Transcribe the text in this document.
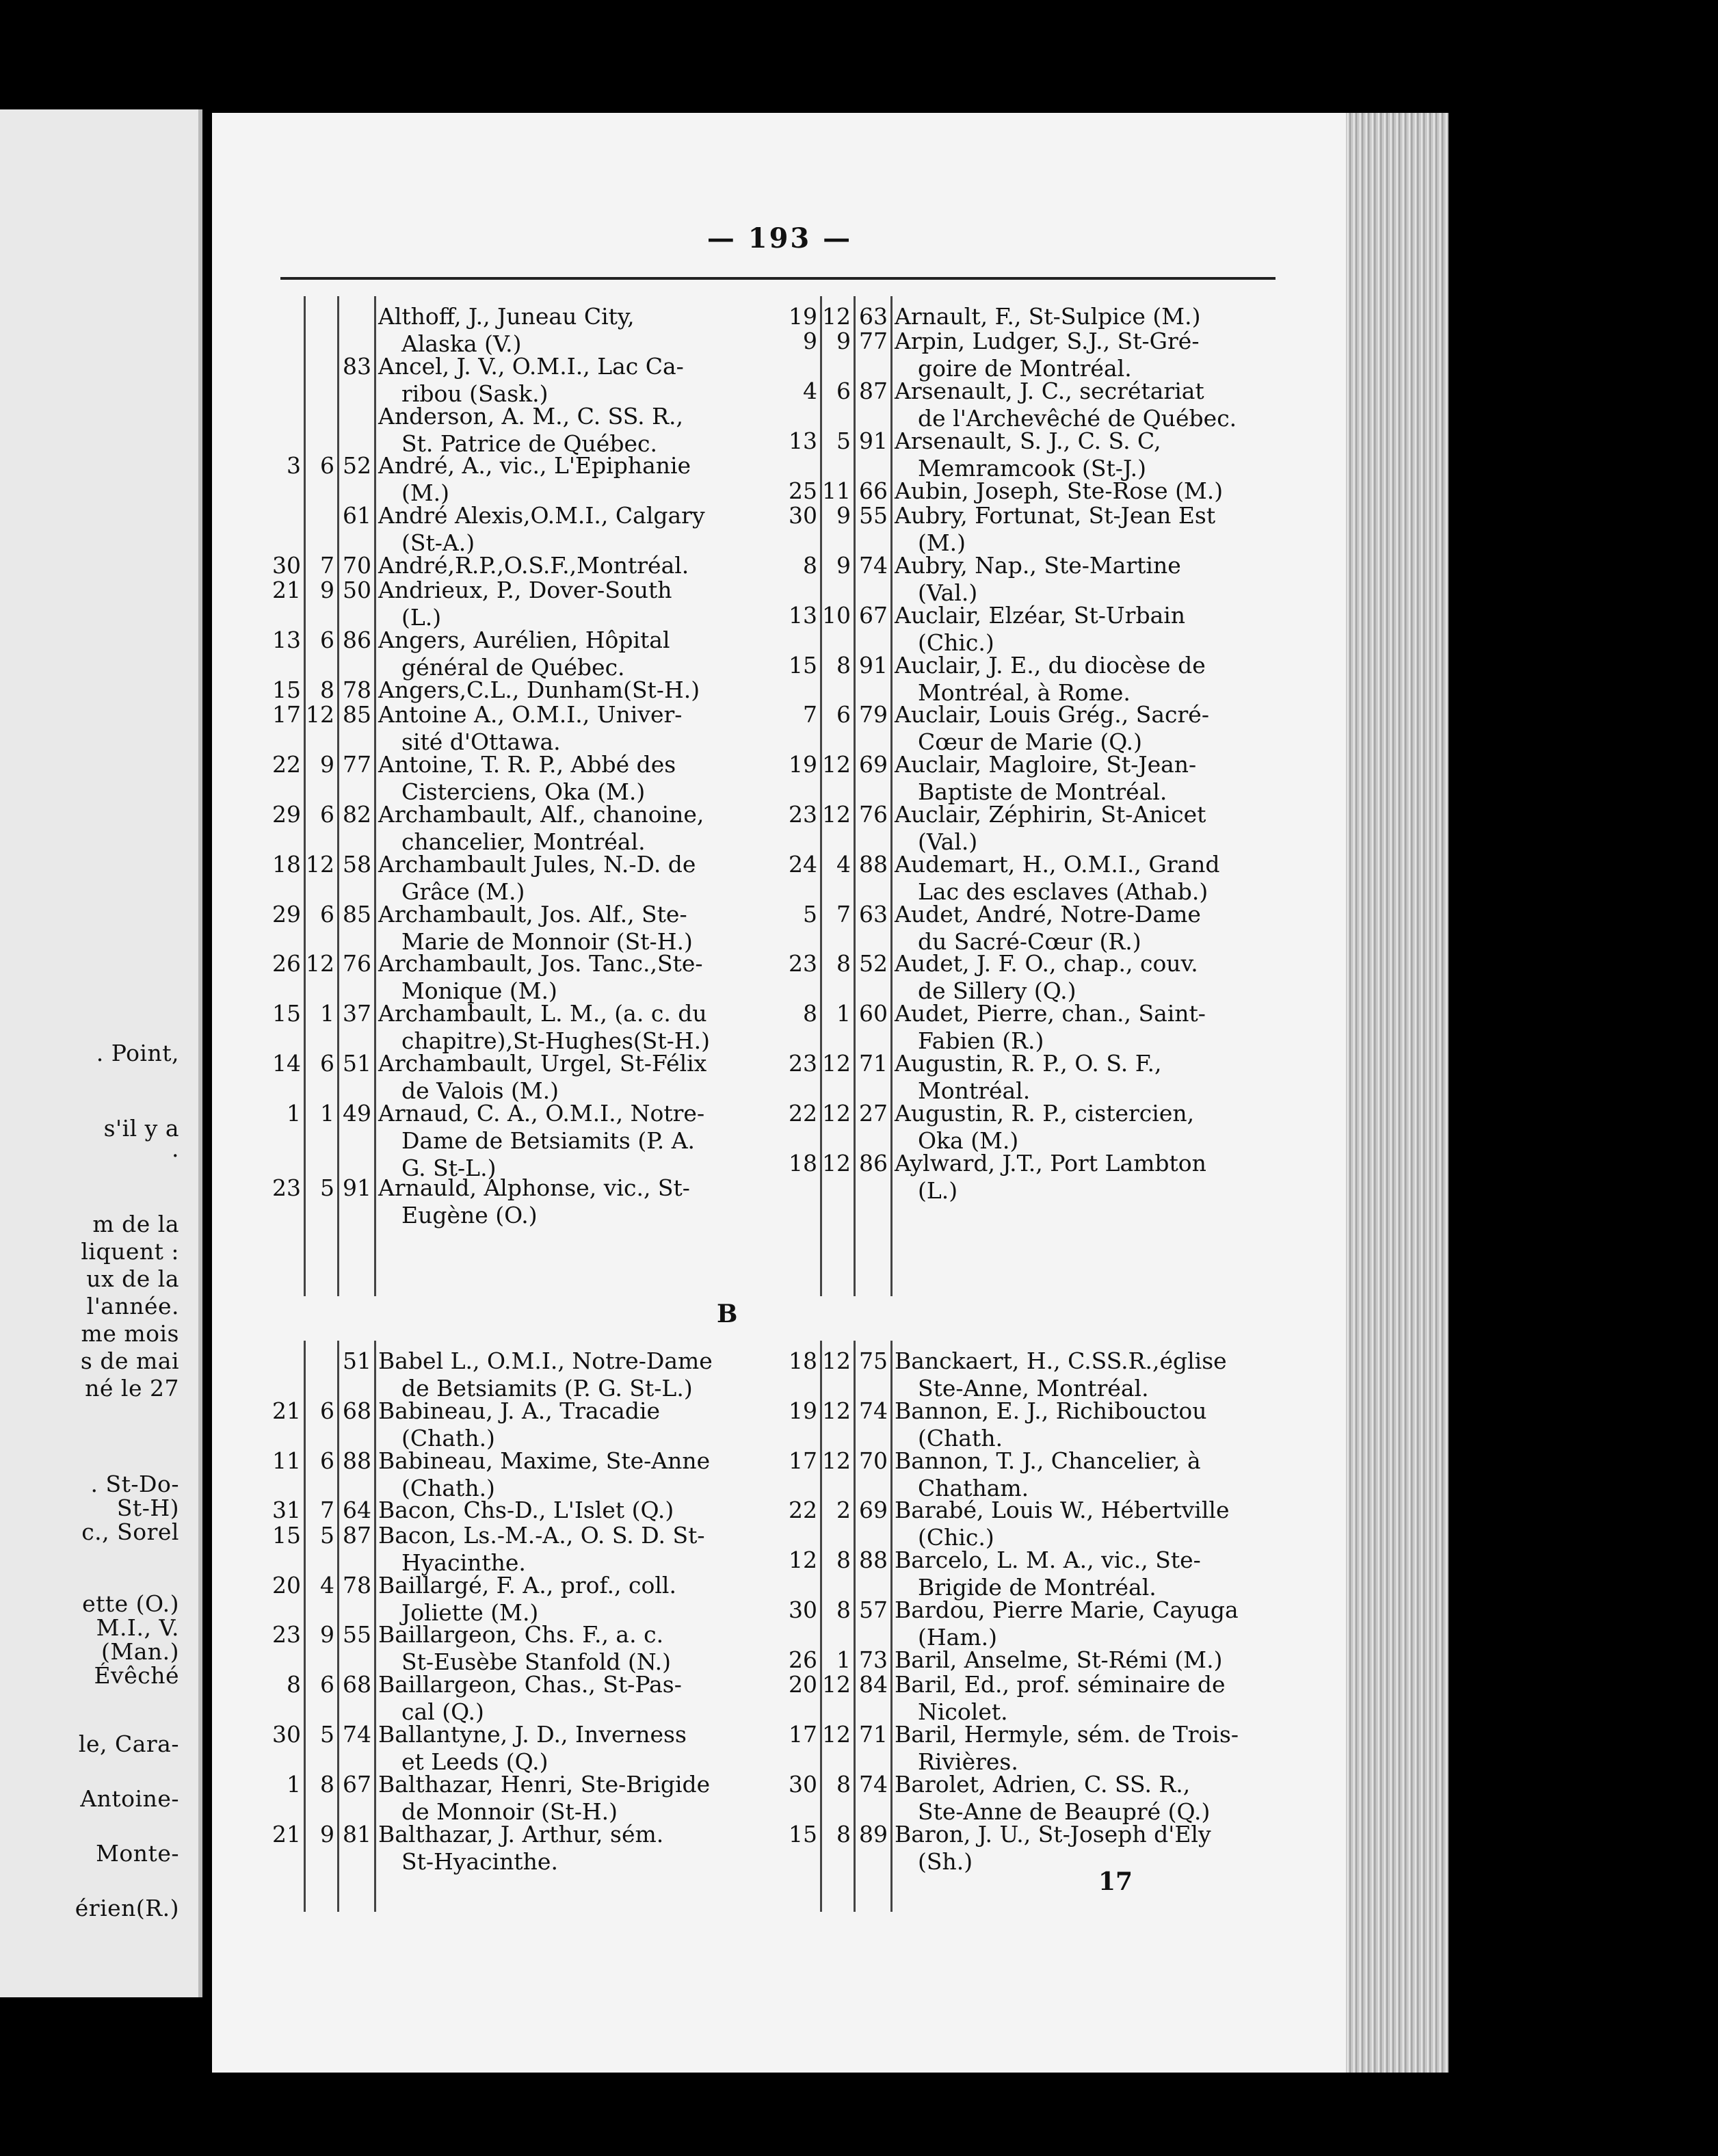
. Point,
s'il y a
.
m de la
liquent :
ux de la
l'année.
me mois
s de mai
né le 27
. St-Do-
St-H)
c., Sorel
ette (O.)
M.I., V.
(Man.)
Évêché
le, Cara-
Antoine-
Monte-
érien(R.)
— 193 —
B
17
Althoff, J., Juneau City,
Alaska (V.)
83 Ancel, J. V., O.M.I., Lac Ca-
ribou (Sask.)
Anderson, A. M., C. SS. R.,
St. Patrice de Québec.
3 6 52 André, A., vic., L'Epiphanie
(M.)
61 André Alexis,O.M.I., Calgary
(St-A.)
30 7 70 André,R.P.,O.S.F.,Montréal.
21 9 50 Andrieux, P., Dover-South
(L.)
13 6 86 Angers, Aurélien, Hôpital
général de Québec.
15 8 78 Angers,C.L., Dunham(St-H.)
17 12 85 Antoine A., O.M.I., Univer-
sité d'Ottawa.
22 9 77 Antoine, T. R. P., Abbé des
Cisterciens, Oka (M.)
29 6 82 Archambault, Alf., chanoine,
chancelier, Montréal.
18 12 58 Archambault Jules, N.-D. de
Grâce (M.)
29 6 85 Archambault, Jos. Alf., Ste-
Marie de Monnoir (St-H.)
26 12 76 Archambault, Jos. Tanc.,Ste-
Monique (M.)
15 1 37 Archambault, L. M., (a. c. du
chapitre),St-Hughes(St-H.)
14 6 51 Archambault, Urgel, St-Félix
de Valois (M.)
1 1 49 Arnaud, C. A., O.M.I., Notre-
Dame de Betsiamits (P. A.
G. St-L.)
23 5 91 Arnauld, Alphonse, vic., St-
Eugène (O.)
19 12 63 Arnault, F., St-Sulpice (M.)
9 9 77 Arpin, Ludger, S.J., St-Gré-
goire de Montréal.
4 6 87 Arsenault, J. C., secrétariat
de l'Archevêché de Québec.
13 5 91 Arsenault, S. J., C. S. C,
Memramcook (St-J.)
25 11 66 Aubin, Joseph, Ste-Rose (M.)
30 9 55 Aubry, Fortunat, St-Jean Est
(M.)
8 9 74 Aubry, Nap., Ste-Martine
(Val.)
13 10 67 Auclair, Elzéar, St-Urbain
(Chic.)
15 8 91 Auclair, J. E., du diocèse de
Montréal, à Rome.
7 6 79 Auclair, Louis Grég., Sacré-
Cœur de Marie (Q.)
19 12 69 Auclair, Magloire, St-Jean-
Baptiste de Montréal.
23 12 76 Auclair, Zéphirin, St-Anicet
(Val.)
24 4 88 Audemart, H., O.M.I., Grand
Lac des esclaves (Athab.)
5 7 63 Audet, André, Notre-Dame
du Sacré-Cœur (R.)
23 8 52 Audet, J. F. O., chap., couv.
de Sillery (Q.)
8 1 60 Audet, Pierre, chan., Saint-
Fabien (R.)
23 12 71 Augustin, R. P., O. S. F.,
Montréal.
22 12 27 Augustin, R. P., cistercien,
Oka (M.)
18 12 86 Aylward, J.T., Port Lambton
(L.)
51 Babel L., O.M.I., Notre-Dame
de Betsiamits (P. G. St-L.)
21 6 68 Babineau, J. A., Tracadie
(Chath.)
11 6 88 Babineau, Maxime, Ste-Anne
(Chath.)
31 7 64 Bacon, Chs-D., L'Islet (Q.)
15 5 87 Bacon, Ls.-M.-A., O. S. D. St-
Hyacinthe.
20 4 78 Baillargé, F. A., prof., coll.
Joliette (M.)
23 9 55 Baillargeon, Chs. F., a. c.
St-Eusèbe Stanfold (N.)
8 6 68 Baillargeon, Chas., St-Pas-
cal (Q.)
30 5 74 Ballantyne, J. D., Inverness
et Leeds (Q.)
1 8 67 Balthazar, Henri, Ste-Brigide
de Monnoir (St-H.)
21 9 81 Balthazar, J. Arthur, sém.
St-Hyacinthe.
18 12 75 Banckaert, H., C.SS.R.,église
Ste-Anne, Montréal.
19 12 74 Bannon, E. J., Richibouctou
(Chath.
17 12 70 Bannon, T. J., Chancelier, à
Chatham.
22 2 69 Barabé, Louis W., Hébertville
(Chic.)
12 8 88 Barcelo, L. M. A., vic., Ste-
Brigide de Montréal.
30 8 57 Bardou, Pierre Marie, Cayuga
(Ham.)
26 1 73 Baril, Anselme, St-Rémi (M.)
20 12 84 Baril, Ed., prof. séminaire de
Nicolet.
17 12 71 Baril, Hermyle, sém. de Trois-
Rivières.
30 8 74 Barolet, Adrien, C. SS. R.,
Ste-Anne de Beaupré (Q.)
15 8 89 Baron, J. U., St-Joseph d'Ely
(Sh.)
